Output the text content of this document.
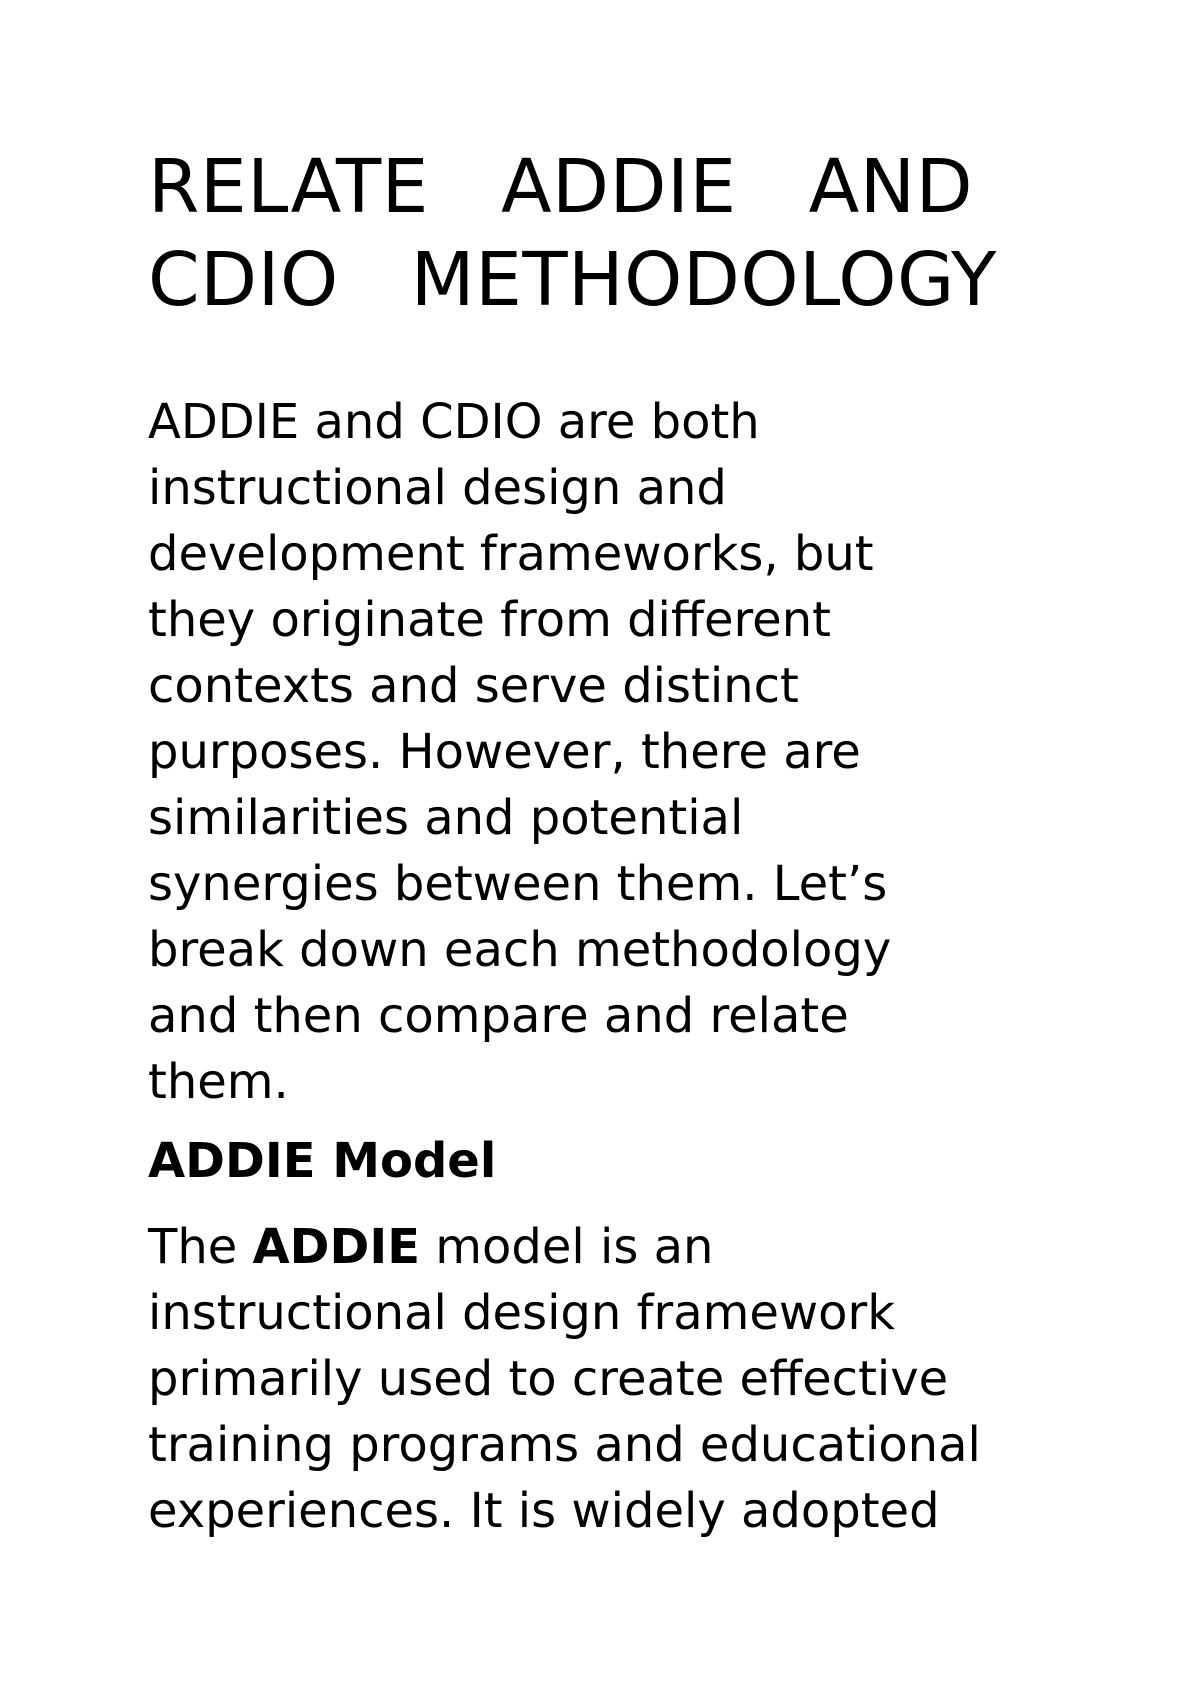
RELATE ADDIE AND
CDIO METHODOLOGY
ADDIE and CDIO are both
instructional design and
development frameworks, but
they originate from different
contexts and serve distinct
purposes. However, there are
similarities and potential
synergies between them. Let’s
break down each methodology
and then compare and relate
them.
ADDIE Model
The ADDIE model is an
instructional design framework
primarily used to create effective
training programs and educational
experiences. It is widely adopted
